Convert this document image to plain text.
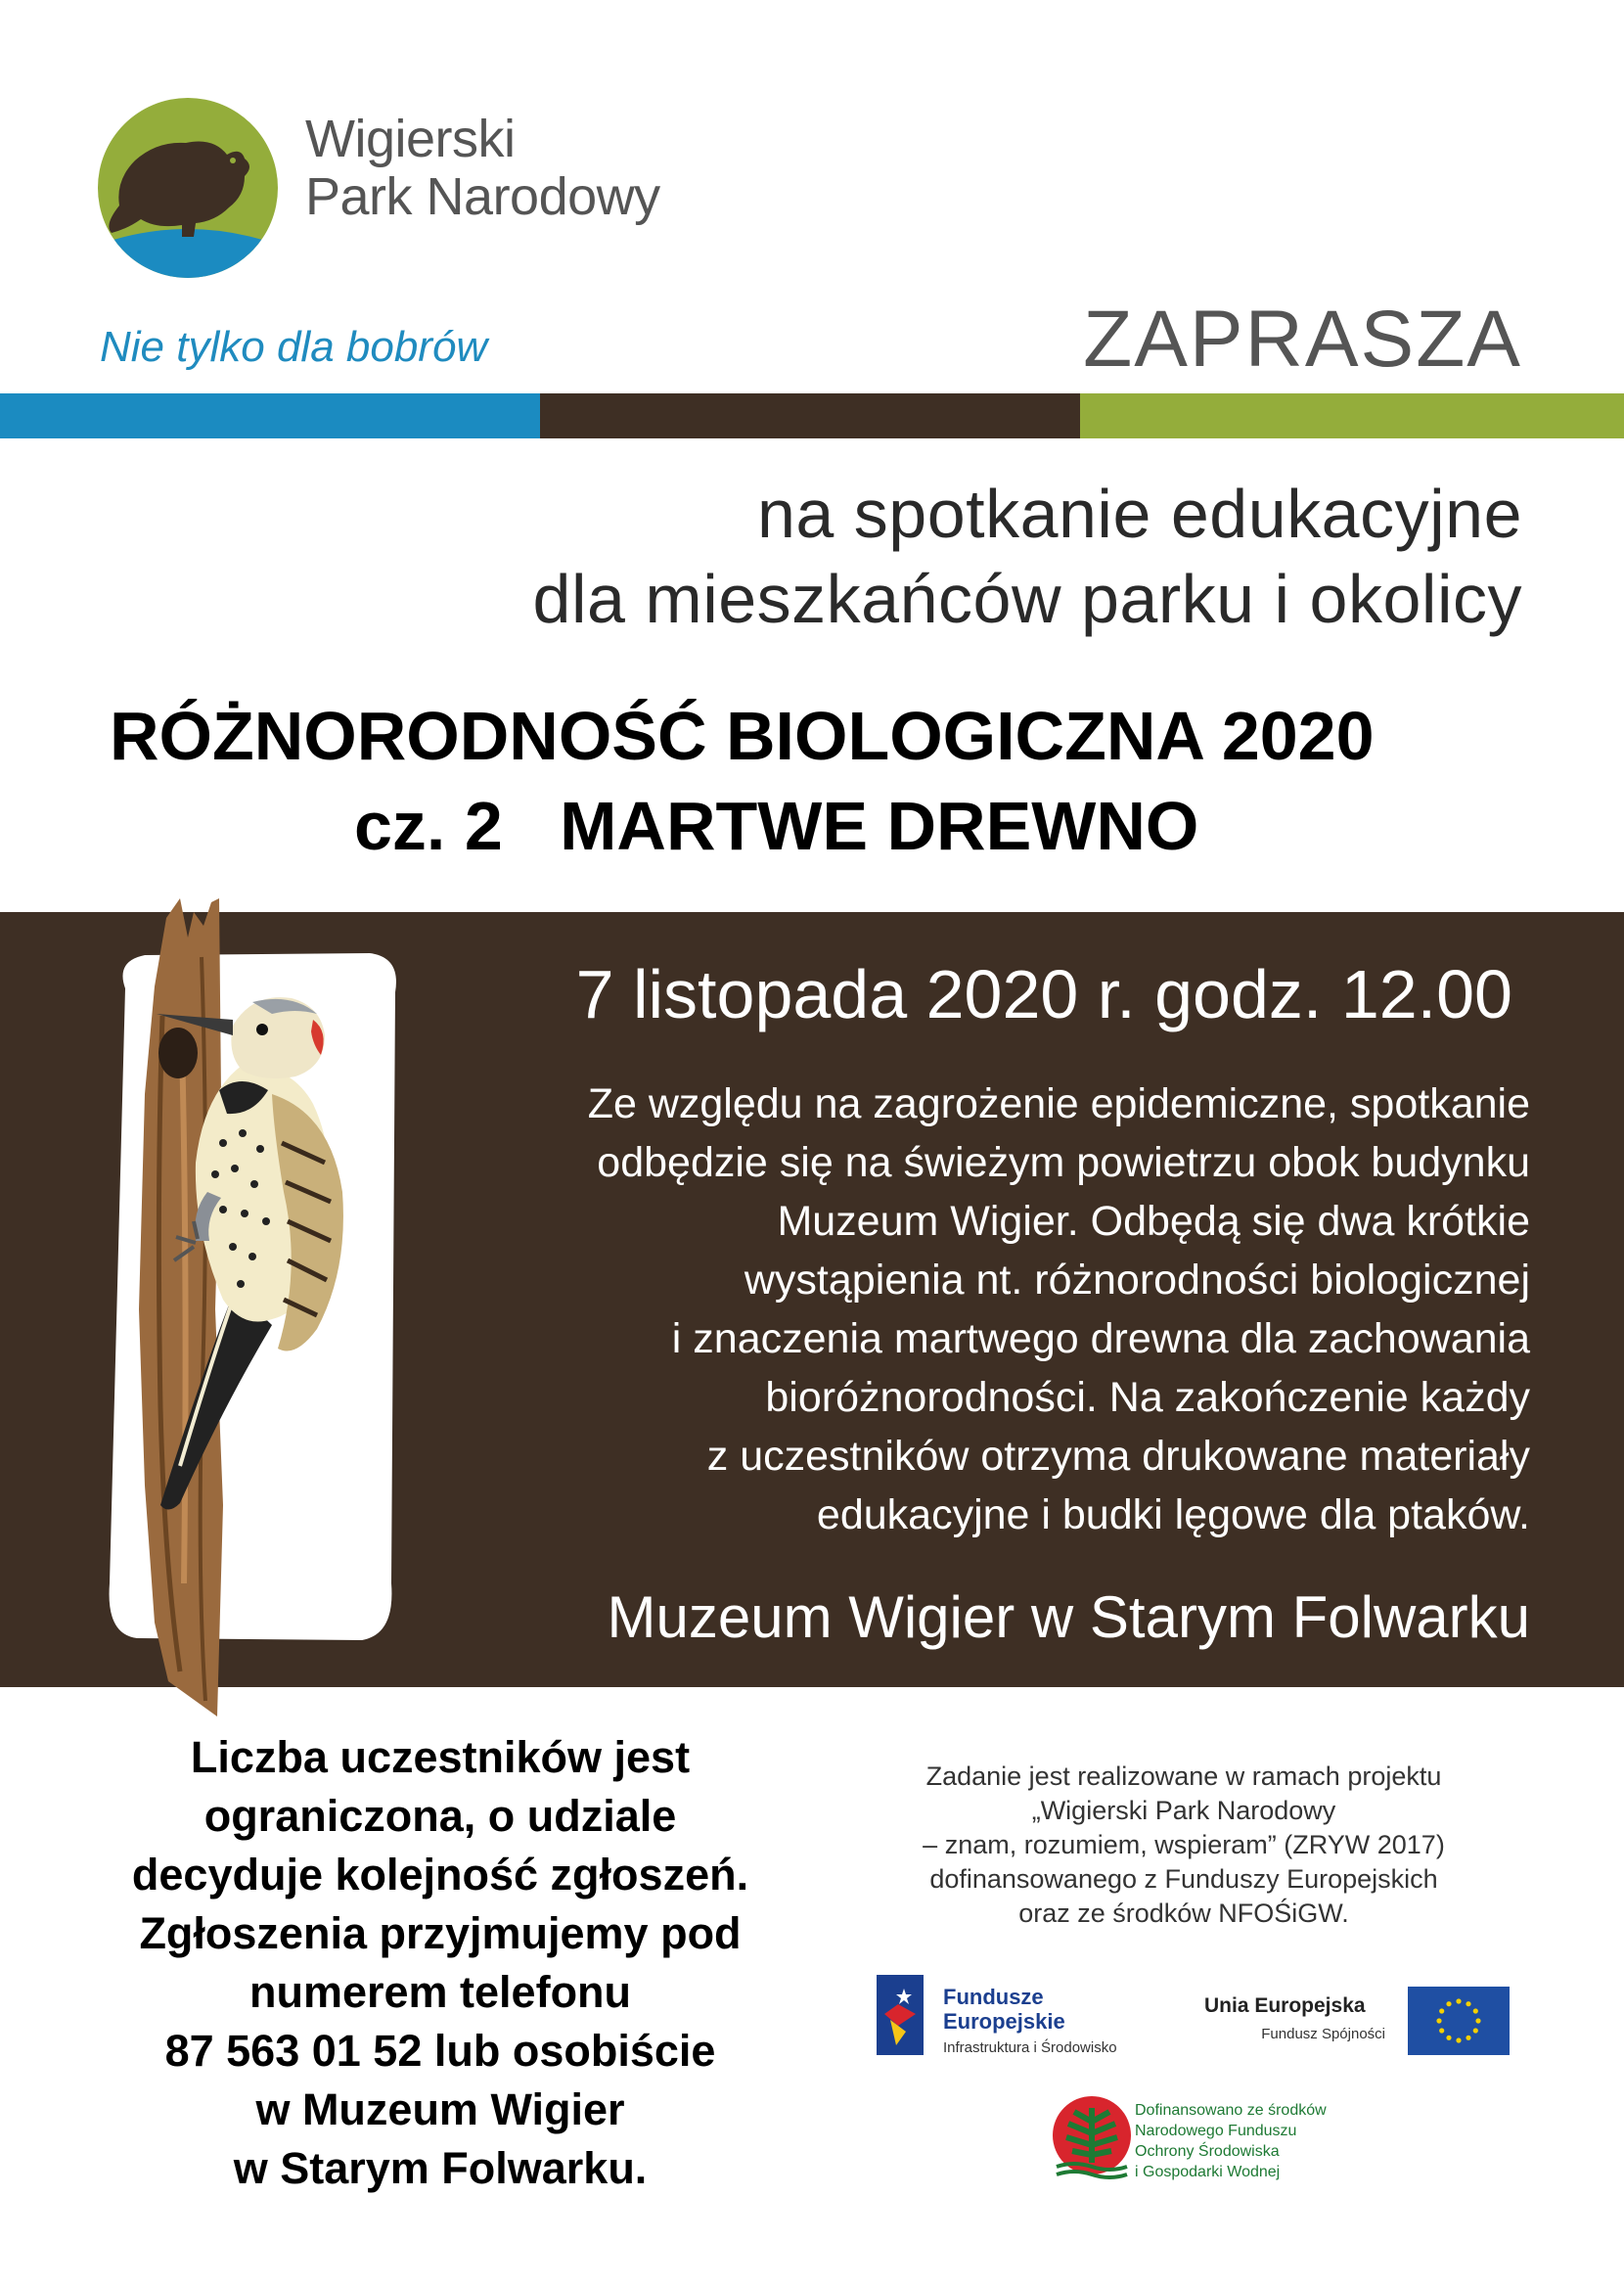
Wigierski
Park Narodowy
Nie tylko dla bobrów	ZAPRASZA
na spotkanie edukacyjne
dla mieszkańców parku i okolicy
RÓŻNORODNOŚĆ BIOLOGICZNA 2020
cz. 2   MARTWE DREWNO
7 listopada 2020 r. godz. 12.00
Ze względu na zagrożenie epidemiczne, spotkanie
odbędzie się na świeżym powietrzu obok budynku
Muzeum Wigier. Odbędą się dwa krótkie
wystąpienia nt. różnorodności biologicznej
i znaczenia martwego drewna dla zachowania
bioróżnorodności. Na zakończenie każdy
z uczestników otrzyma drukowane materiały
edukacyjne i budki lęgowe dla ptaków.
Muzeum Wigier w Starym Folwarku
Liczba uczestników jest
ograniczona, o udziale
decyduje kolejność zgłoszeń.
Zgłoszenia przyjmujemy pod
numerem telefonu
87 563 01 52 lub osobiście
w Muzeum Wigier
w Starym Folwarku.
Zadanie jest realizowane w ramach projektu
„Wigierski Park Narodowy
– znam, rozumiem, wspieram” (ZRYW 2017)
dofinansowanego z Funduszy Europejskich
oraz ze środków NFOŚiGW.
Fundusze
Europejskie
Infrastruktura i Środowisko
Unia Europejska
Fundusz Spójności
Dofinansowano ze środków
Narodowego Funduszu
Ochrony Środowiska
i Gospodarki Wodnej
